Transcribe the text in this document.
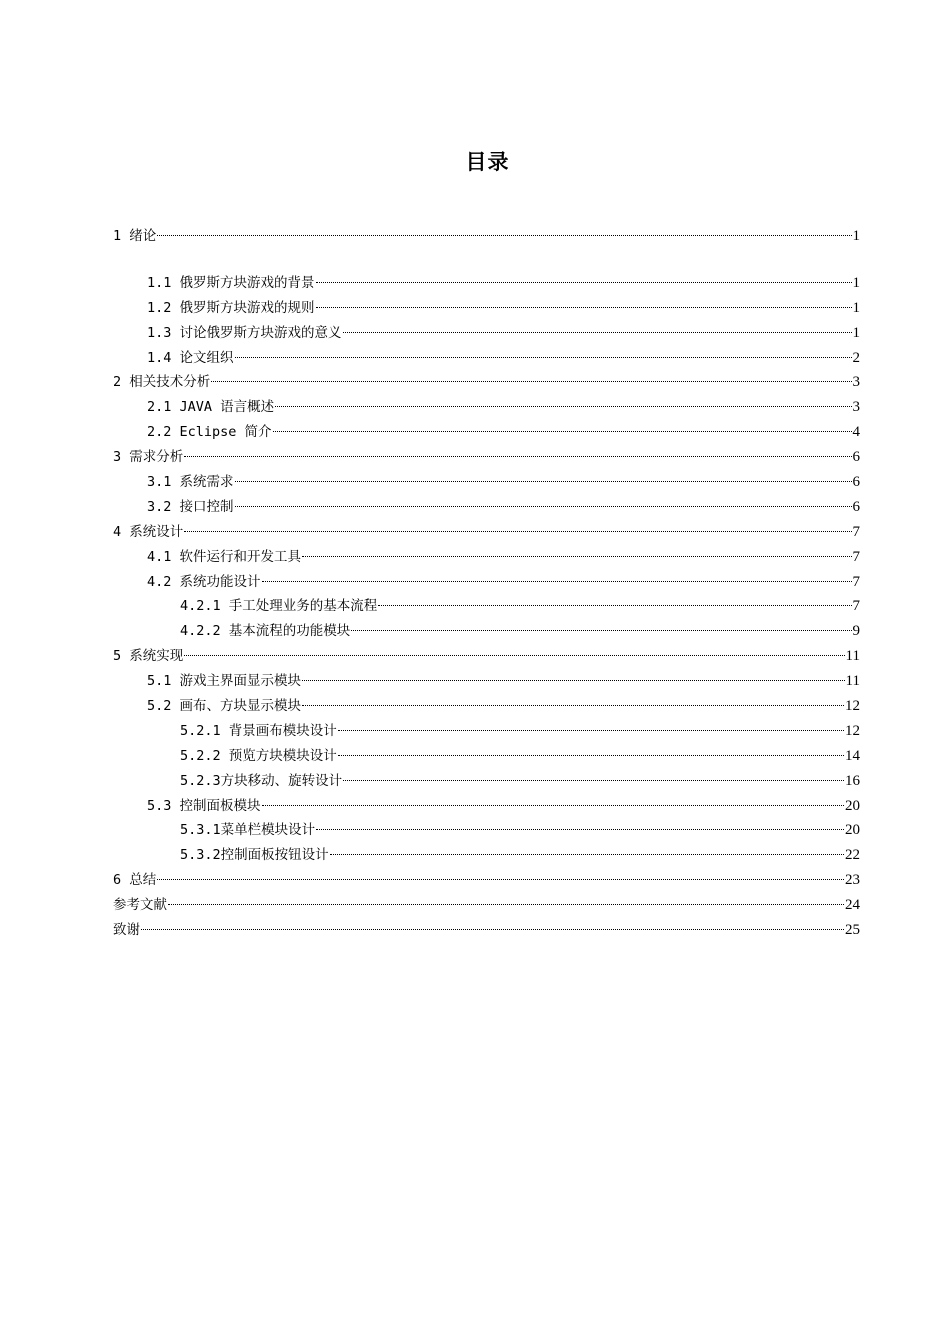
目录
1 绪论	1
1.1 俄罗斯方块游戏的背景	1
1.2 俄罗斯方块游戏的规则	1
1.3 讨论俄罗斯方块游戏的意义	1
1.4 论文组织	2
2 相关技术分析	3
2.1 JAVA 语言概述	3
2.2 Eclipse 简介	4
3 需求分析	6
3.1 系统需求	6
3.2 接口控制	6
4 系统设计	7
4.1 软件运行和开发工具	7
4.2 系统功能设计	7
4.2.1 手工处理业务的基本流程	7
4.2.2 基本流程的功能模块	9
5 系统实现	11
5.1 游戏主界面显示模块	11
5.2 画布、方块显示模块	12
5.2.1 背景画布模块设计	12
5.2.2 预览方块模块设计	14
5.2.3方块移动、旋转设计	16
5.3 控制面板模块	20
5.3.1菜单栏模块设计	20
5.3.2控制面板按钮设计	22
6 总结	23
参考文献	24
致谢	25
